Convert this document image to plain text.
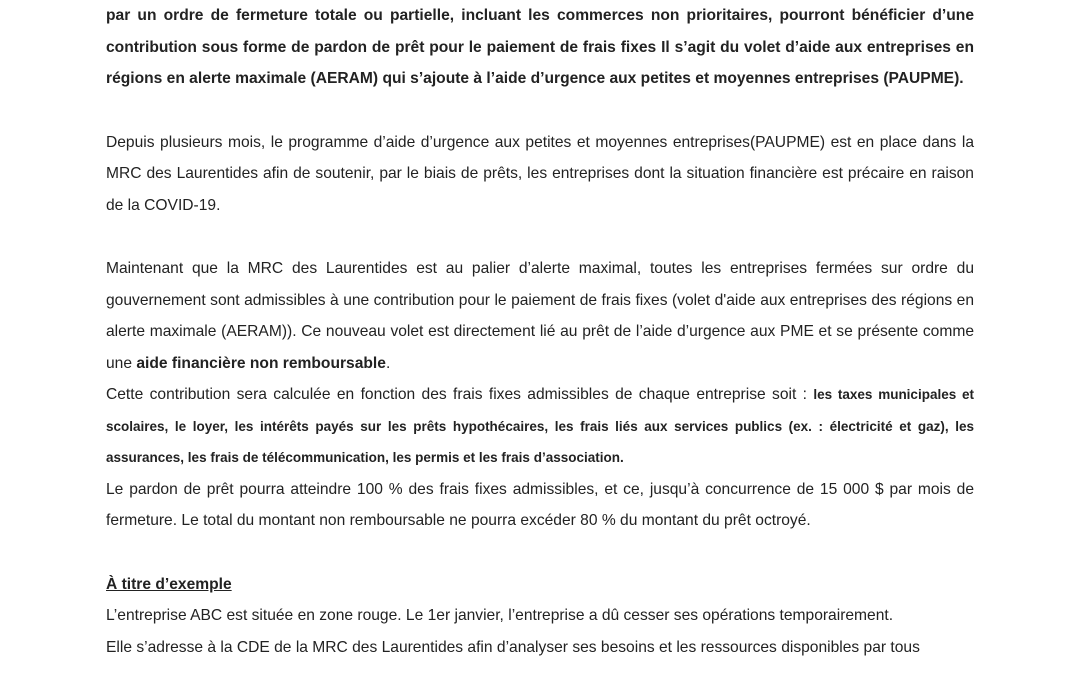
par un ordre de fermeture totale ou partielle, incluant les commerces non prioritaires, pourront bénéficier d’une contribution sous forme de pardon de prêt pour le paiement de frais fixes Il s’agit du volet d’aide aux entreprises en régions en alerte maximale (AERAM) qui s’ajoute à l’aide d’urgence aux petites et moyennes entreprises (PAUPME).

Depuis plusieurs mois, le programme d’aide d’urgence aux petites et moyennes entreprises(PAUPME) est en place dans la MRC des Laurentides afin de soutenir, par le biais de prêts, les entreprises dont la situation financière est précaire en raison de la COVID-19.

Maintenant que la MRC des Laurentides est au palier d’alerte maximal, toutes les entreprises fermées sur ordre du gouvernement sont admissibles à une contribution pour le paiement de frais fixes (volet d'aide aux entreprises des régions en alerte maximale (AERAM)). Ce nouveau volet est directement lié au prêt de l’aide d’urgence aux PME et se présente comme une aide financière non remboursable.

Cette contribution sera calculée en fonction des frais fixes admissibles de chaque entreprise soit : les taxes municipales et scolaires, le loyer, les intérêts payés sur les prêts hypothécaires, les frais liés aux services publics (ex. : électricité et gaz), les assurances, les frais de télécommunication, les permis et les frais d’association.

Le pardon de prêt pourra atteindre 100 % des frais fixes admissibles, et ce, jusqu’à concurrence de 15 000 $ par mois de fermeture. Le total du montant non remboursable ne pourra excéder 80 % du montant du prêt octroyé.

À titre d’exemple

L’entreprise ABC est située en zone rouge. Le 1er janvier, l’entreprise a dû cesser ses opérations temporairement.

Elle s’adresse à la CDE de la MRC des Laurentides afin d’analyser ses besoins et les ressources disponibles par tous
